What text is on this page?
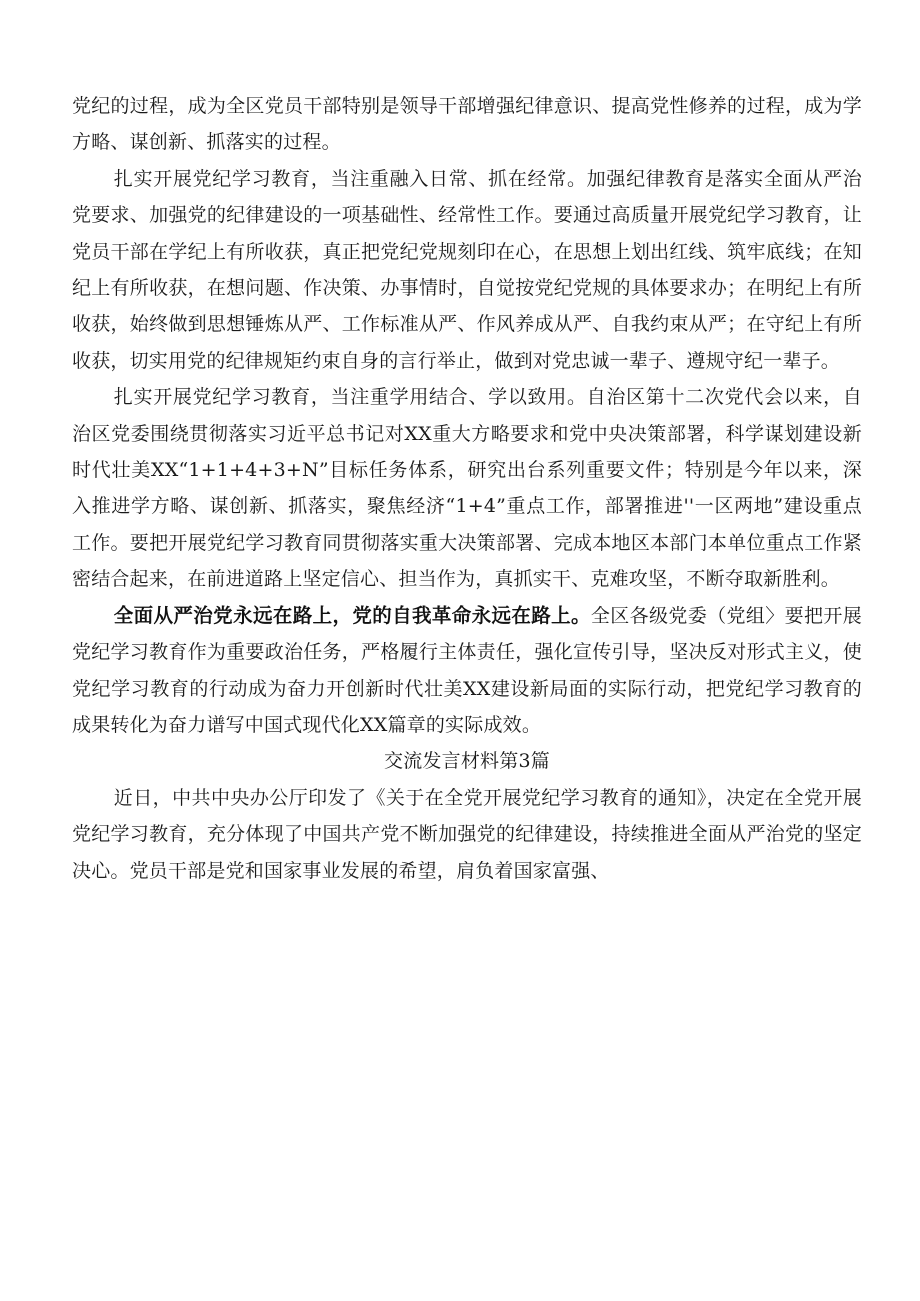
党纪的过程，成为全区党员干部特别是领导干部增强纪律意识、提高党性修养的过程，成为学方略、谋创新、抓落实的过程。

扎实开展党纪学习教育，当注重融入日常、抓在经常。加强纪律教育是落实全面从严治党要求、加强党的纪律建设的一项基础性、经常性工作。要通过高质量开展党纪学习教育，让党员干部在学纪上有所收获，真正把党纪党规刻印在心，在思想上划出红线、筑牢底线；在知纪上有所收获，在想问题、作决策、办事情时，自觉按党纪党规的具体要求办；在明纪上有所收获，始终做到思想锤炼从严、工作标准从严、作风养成从严、自我约束从严；在守纪上有所收获，切实用党的纪律规矩约束自身的言行举止，做到对党忠诚一辈子、遵规守纪一辈子。

扎实开展党纪学习教育，当注重学用结合、学以致用。自治区第十二次党代会以来，自治区党委围绕贯彻落实习近平总书记对XX重大方略要求和党中央决策部署，科学谋划建设新时代壮美XX“1+1+4+3+N”目标任务体系，研究出台系列重要文件；特别是今年以来，深入推进学方略、谋创新、抓落实，聚焦经济“1+4”重点工作，部署推进''一区两地”建设重点工作。要把开展党纪学习教育同贯彻落实重大决策部署、完成本地区本部门本单位重点工作紧密结合起来，在前进道路上坚定信心、担当作为，真抓实干、克难攻坚，不断夺取新胜利。

全面从严治党永远在路上，党的自我革命永远在路上。全区各级党委（党组〉要把开展党纪学习教育作为重要政治任务，严格履行主体责任，强化宣传引导，坚决反对形式主义，使党纪学习教育的行动成为奋力开创新时代壮美XX建设新局面的实际行动，把党纪学习教育的成果转化为奋力谱写中国式现代化XX篇章的实际成效。

交流发言材料第3篇

近日，中共中央办公厅印发了《关于在全党开展党纪学习教育的通知》，决定在全党开展党纪学习教育，充分体现了中国共产党不断加强党的纪律建设，持续推进全面从严治党的坚定决心。党员干部是党和国家事业发展的希望，肩负着国家富强、
